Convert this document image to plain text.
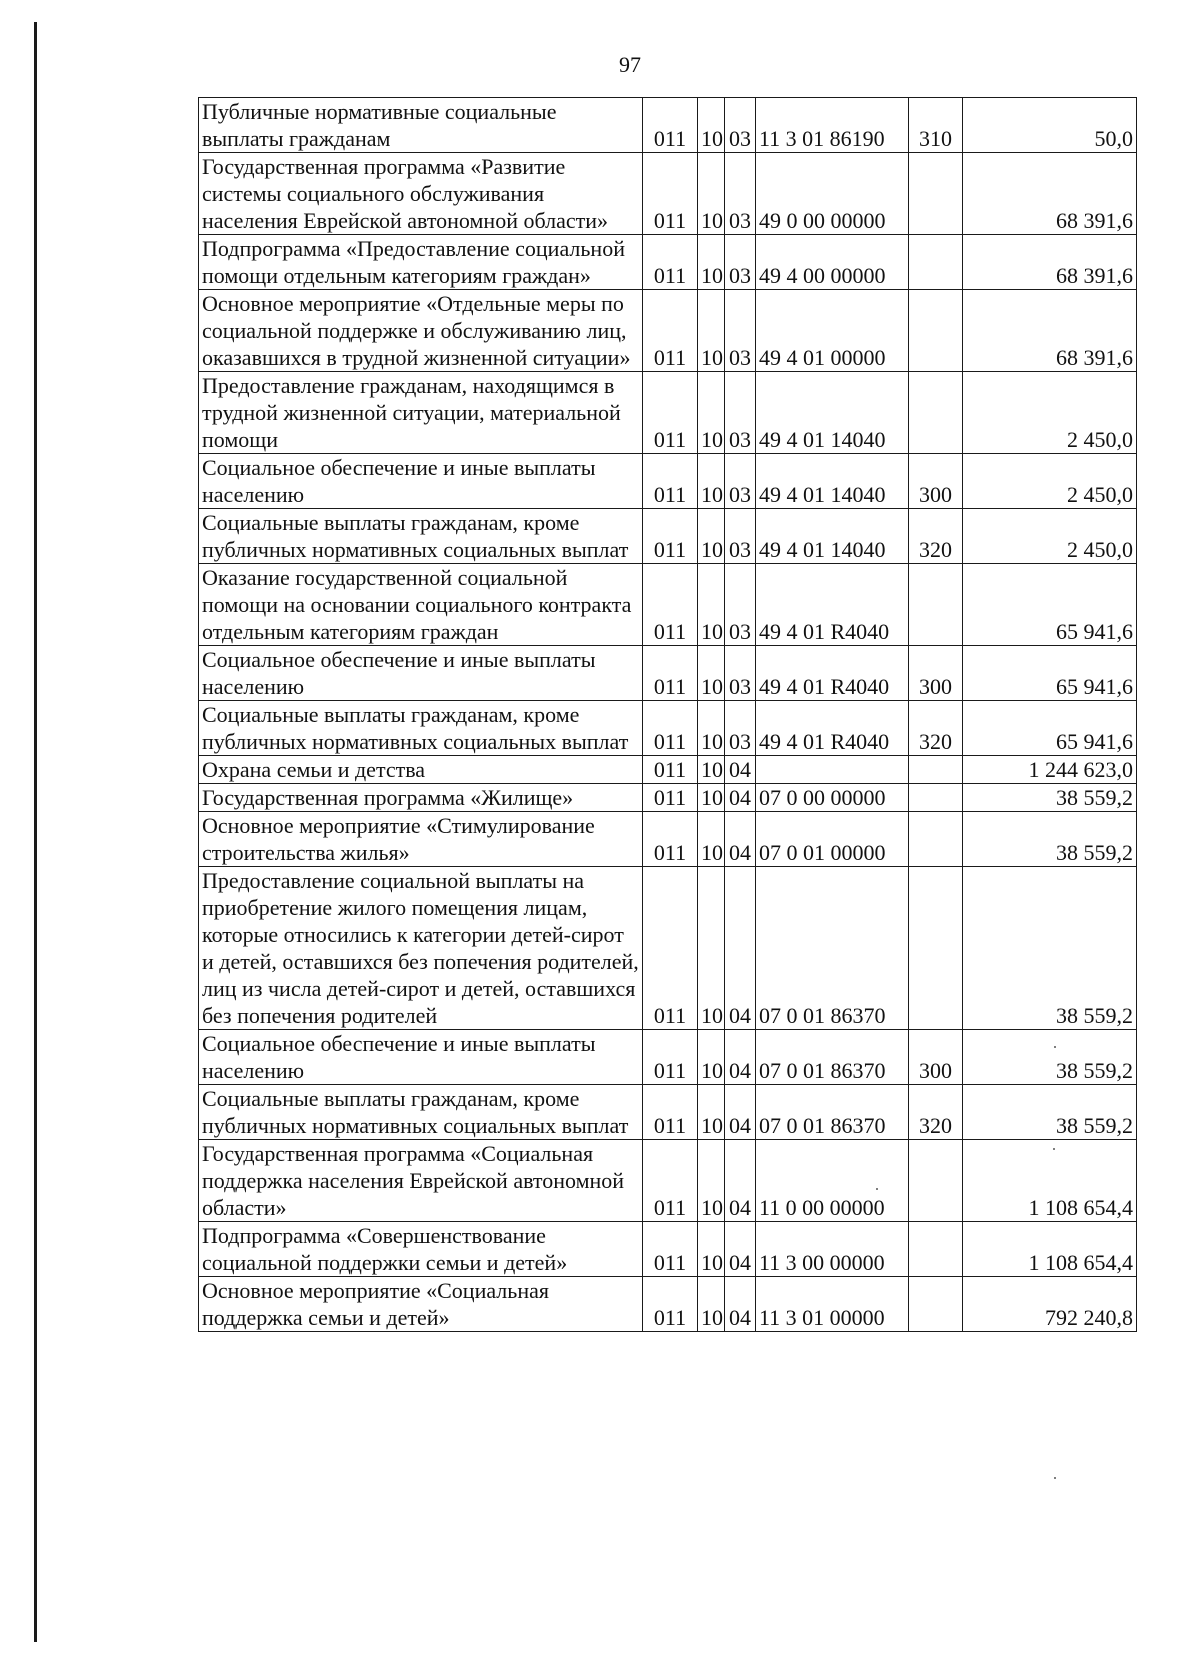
97
Публичные нормативные социальные выплаты гражданам	011	10	03	11 3 01 86190	310	50,0
Государственная программа «Развитие системы социального обслуживания населения Еврейской автономной области»	011	10	03	49 0 00 00000		68 391,6
Подпрограмма «Предоставление социальной помощи отдельным категориям граждан»	011	10	03	49 4 00 00000		68 391,6
Основное мероприятие «Отдельные меры по социальной поддержке и обслуживанию лиц, оказавшихся в трудной жизненной ситуации»	011	10	03	49 4 01 00000		68 391,6
Предоставление гражданам, находящимся в трудной жизненной ситуации, материальной помощи	011	10	03	49 4 01 14040		2 450,0
Социальное обеспечение и иные выплаты населению	011	10	03	49 4 01 14040	300	2 450,0
Социальные выплаты гражданам, кроме публичных нормативных социальных выплат	011	10	03	49 4 01 14040	320	2 450,0
Оказание государственной социальной помощи на основании социального контракта отдельным категориям граждан	011	10	03	49 4 01 R4040		65 941,6
Социальное обеспечение и иные выплаты населению	011	10	03	49 4 01 R4040	300	65 941,6
Социальные выплаты гражданам, кроме публичных нормативных социальных выплат	011	10	03	49 4 01 R4040	320	65 941,6
Охрана семьи и детства	011	10	04			1 244 623,0
Государственная программа «Жилище»	011	10	04	07 0 00 00000		38 559,2
Основное мероприятие «Стимулирование строительства жилья»	011	10	04	07 0 01 00000		38 559,2
Предоставление социальной выплаты на приобретение жилого помещения лицам, которые относились к категории детей-сирот и детей, оставшихся без попечения родителей, лиц из числа детей-сирот и детей, оставшихся без попечения родителей	011	10	04	07 0 01 86370		38 559,2
Социальное обеспечение и иные выплаты населению	011	10	04	07 0 01 86370	300	38 559,2
Социальные выплаты гражданам, кроме публичных нормативных социальных выплат	011	10	04	07 0 01 86370	320	38 559,2
Государственная программа «Социальная поддержка населения Еврейской автономной области»	011	10	04	11 0 00 00000		1 108 654,4
Подпрограмма «Совершенствование социальной поддержки семьи и детей»	011	10	04	11 3 00 00000		1 108 654,4
Основное мероприятие «Социальная поддержка семьи и детей»	011	10	04	11 3 01 00000		792 240,8
